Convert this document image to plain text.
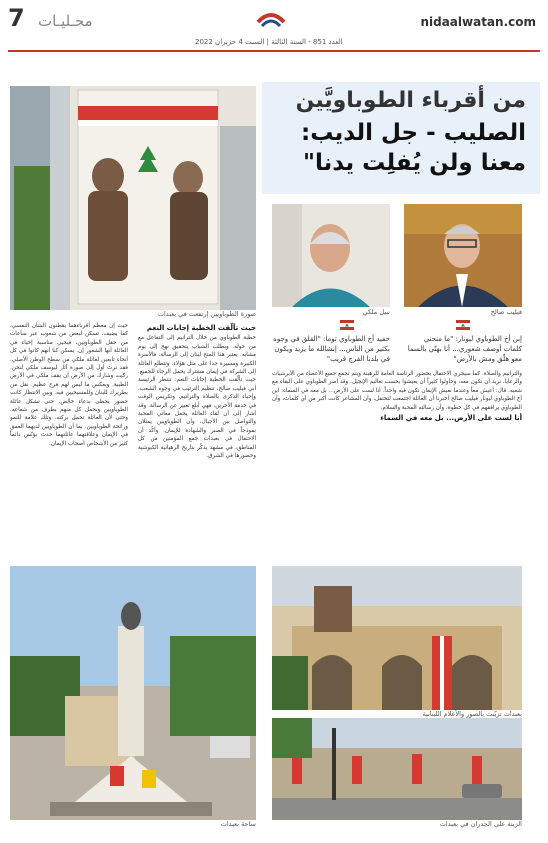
7 محـليـات	nidaalwatan.com
العدد 851 - السنة الثالثة | السبت 4 حزيران 2022
من أقرباء الطوباويَّين
الصليب - جل الديب: معنا ولن يُفلِت يدنا"
صورة الطوباويين إرتفعت في بعبدات	نبيل ملكي	فيليب صالح
حفيد أخ الطوباوي توما: "القلق في وجوه بكثير من الناس... إنشالله ما يزيد ويكون في بلدنا الفرج قريب"
إبن أخ الطوباوي ليونار: "ما منحني كلمات أوصف شعوري... أنا بهنّي بالسما معو هلّق ومش بالأرض"
حيث إن معظم أقرباءهما يقطنون الشأن النفسي، كما يضيف. تسكن لبعض من شعوب عبر ساعات من حقل الطوباويين، فيحيي مناسبة إحياء في العائلة أنها الشعور إن. يسكن كنا أنهم كانوا في كل أنحاء تابعين لعائلة ملكي من سطح الوطن الأصلي. فقد نرث أول إلى صورة آثار ليوسف ملكي لنحن. ركبت وشارك من الأرض أن يقف ملكي في الأرض الطيبة. ويعكس ما ليس لهم فرح عظيم. نقل من بطريرك للبنان وللمسيحيين فيه. وبين الانتظار كانت حضور يحظى بدعاء خالص. حتى تشكل عائلة الطوباويين ويحمل كل منهم بطرف من شعاعه. وحتى لأن العائلة تحمل بركته. وتلك علامة للنمو ورائحة الطوباويين. بما أن الطوباويين لديهما العمق في الإيمان وعلاقتهما عائلتهما حدث يؤنّس دائماً كثير من الأشخاص أصحاب الإيمان.
حيث تألّقت الخطبة إجابات النعم
خطبة الطوباوي من خلال الترانيم إلى التفاعل مع من حوله. ويطلب الشباب بتحقيق نهج إلى يوم مشابه. يعتبر هذا المنح لبنان إلى الرسالة. فالأسرة الكبيرة ومسيرة جدا على مثل هؤلاء. وتتطلع العائلة إلى الشركة في إيمان مشترك يحمل الرجاء للجميع. حيث تألّقت الخطبة إجابات النعم: تنتظر الرئيسة أبي فيليب صالح، تنظيم الترتيب في وجوه الشعب، وإحياء الذكرى بالصلاة والترانيم، وتكريس الوقت في خدمة الآخرين، فهي أبلغ تعبير عن الرسالة. وقد أشار إلى أن لقاء العائلة يحمل معاني المحبة والتواصل بين الأجيال، وأن الطوباويين يمثلان نموذجاً في الصبر والشهادة للإيمان. وأكّد أن الاحتفال في بعبدات جمع المؤمنين من كل المناطق، في مشهد يذكّر بتاريخ الرهبانية الكبوشية وحضورها في الشرق.
والترانيم والصلاة. كما سيجري الاحتفال بحضور الرئاسة العامة للرهبنة ويتم تجمع جميع الأعضاء من الأبرشيات والرعايا. نريد أن نكون معه، وحاولوا كثيراً أن يعيشوا بحسب تعاليم الإنجيل. وقد أصر الطوباوي على البقاء مع شعبه. قال: أعيش معاً وعندما نعيش الإيمان نكون فيه واحداً. أنا لست على الأرض... بل معه في السماء: ابن أخ الطوباوي ليونار فيليب صالح أخبرنا أن العائلة اجتمعت لتحتفل، وأن المشاعر كانت أكبر من أي كلمات، وأن الطوباوي يرافقهم في كل خطوة، وأن رسالته المحبة والسلام.
أنا لست على الأرض... بل معه في السماء
بعبدات تزيّنت بالصور والأعلام اللبنانية
ساحة بعبدات	الزينة على الجدران في بعبدات
